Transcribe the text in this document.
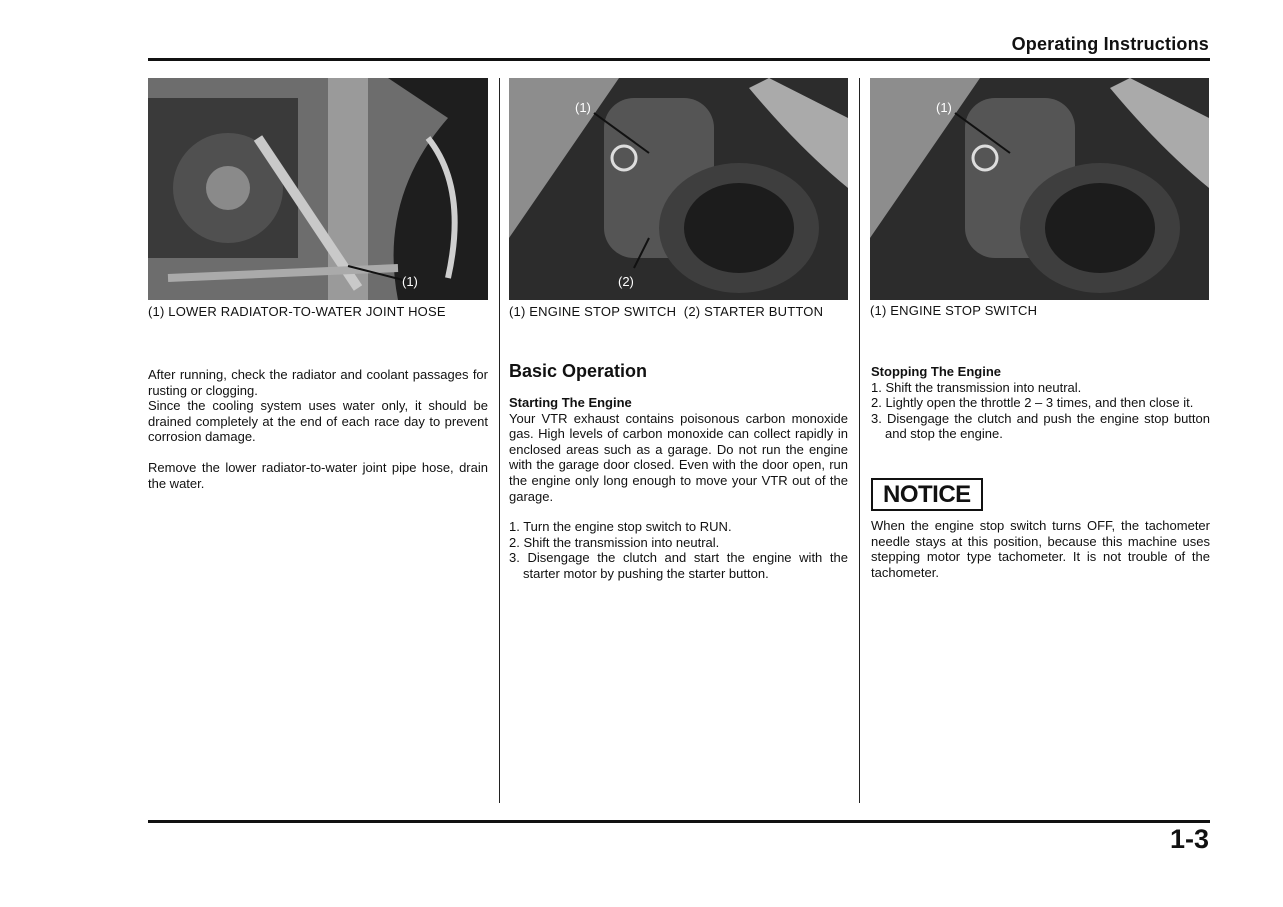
Operating Instructions
(1)
(1) LOWER RADIATOR-TO-WATER JOINT HOSE

After running, check the radiator and coolant passages for rusting or clogging.

Since the cooling system uses water only, it should be drained completely at the end of each race day to prevent corrosion damage.

Remove the lower radiator-to-water joint pipe hose, drain the water.

(1)
(2)
(1) ENGINE STOP SWITCH  (2) STARTER BUTTON
Basic Operation

Starting The Engine

Your VTR exhaust contains poisonous carbon monoxide gas. High levels of carbon monoxide can collect rapidly in enclosed areas such as a garage. Do not run the engine with the garage door closed. Even with the door open, run the engine only long enough to move your VTR out of the garage.

1. Turn the engine stop switch to RUN.
2. Shift the transmission into neutral.
3. Disengage the clutch and start the engine with the starter motor by pushing the starter button.
(1)
(1) ENGINE STOP SWITCH

Stopping The Engine

1. Shift the transmission into neutral.
2. Lightly open the throttle 2 – 3 times, and then close it.
3. Disengage the clutch and push the engine stop button and stop the engine.
NOTICE
When the engine stop switch turns OFF, the tachometer needle stays at this position, because this machine uses stepping motor type tachometer. It is not trouble of the tachometer.
1-3
